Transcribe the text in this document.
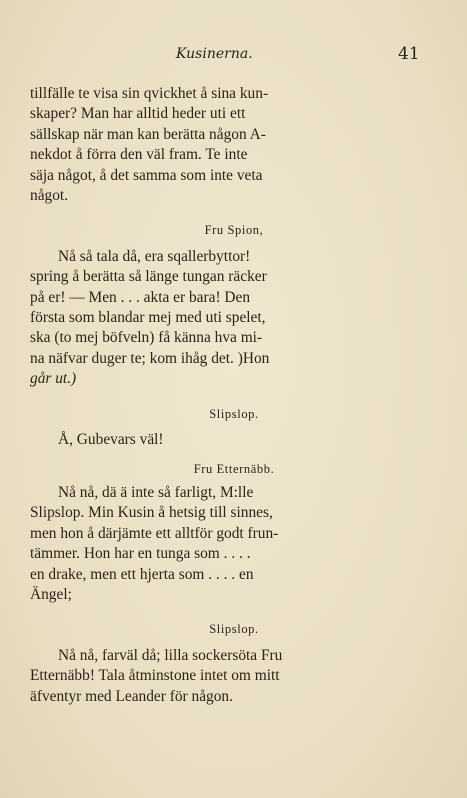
Kusinerna.	41
tillfälle te visa sin qvickhet å sina kun-
skaper? Man har alltid heder uti ett
sällskap när man kan berätta någon A-
nekdot å förra den väl fram. Te inte
säja något, å det samma som inte veta
något.
Fru Spion,
Nå så tala då, era sqallerbyttor!
spring å berätta så länge tungan räcker
på er! — Men . . . akta er bara! Den
första som blandar mej med uti spelet,
ska (to mej böfveln) få känna hva mi-
na näfvar duger te; kom ihåg det. )Hon
går ut.)
Slipslop.
Å, Gubevars väl!
Fru Etternäbb.
Nå nå, dä ä inte så farligt, M:lle
Slipslop. Min Kusin å hetsig till sinnes,
men hon å därjämte ett alltför godt frun-
tämmer. Hon har en tunga som . . . .
en drake, men ett hjerta som . . . . en
Ängel;
Slipslop.
Nå nå, farväl då; lilla sockersöta Fru
Etternäbb! Tala åtminstone intet om mitt
äfventyr med Leander för någon.
